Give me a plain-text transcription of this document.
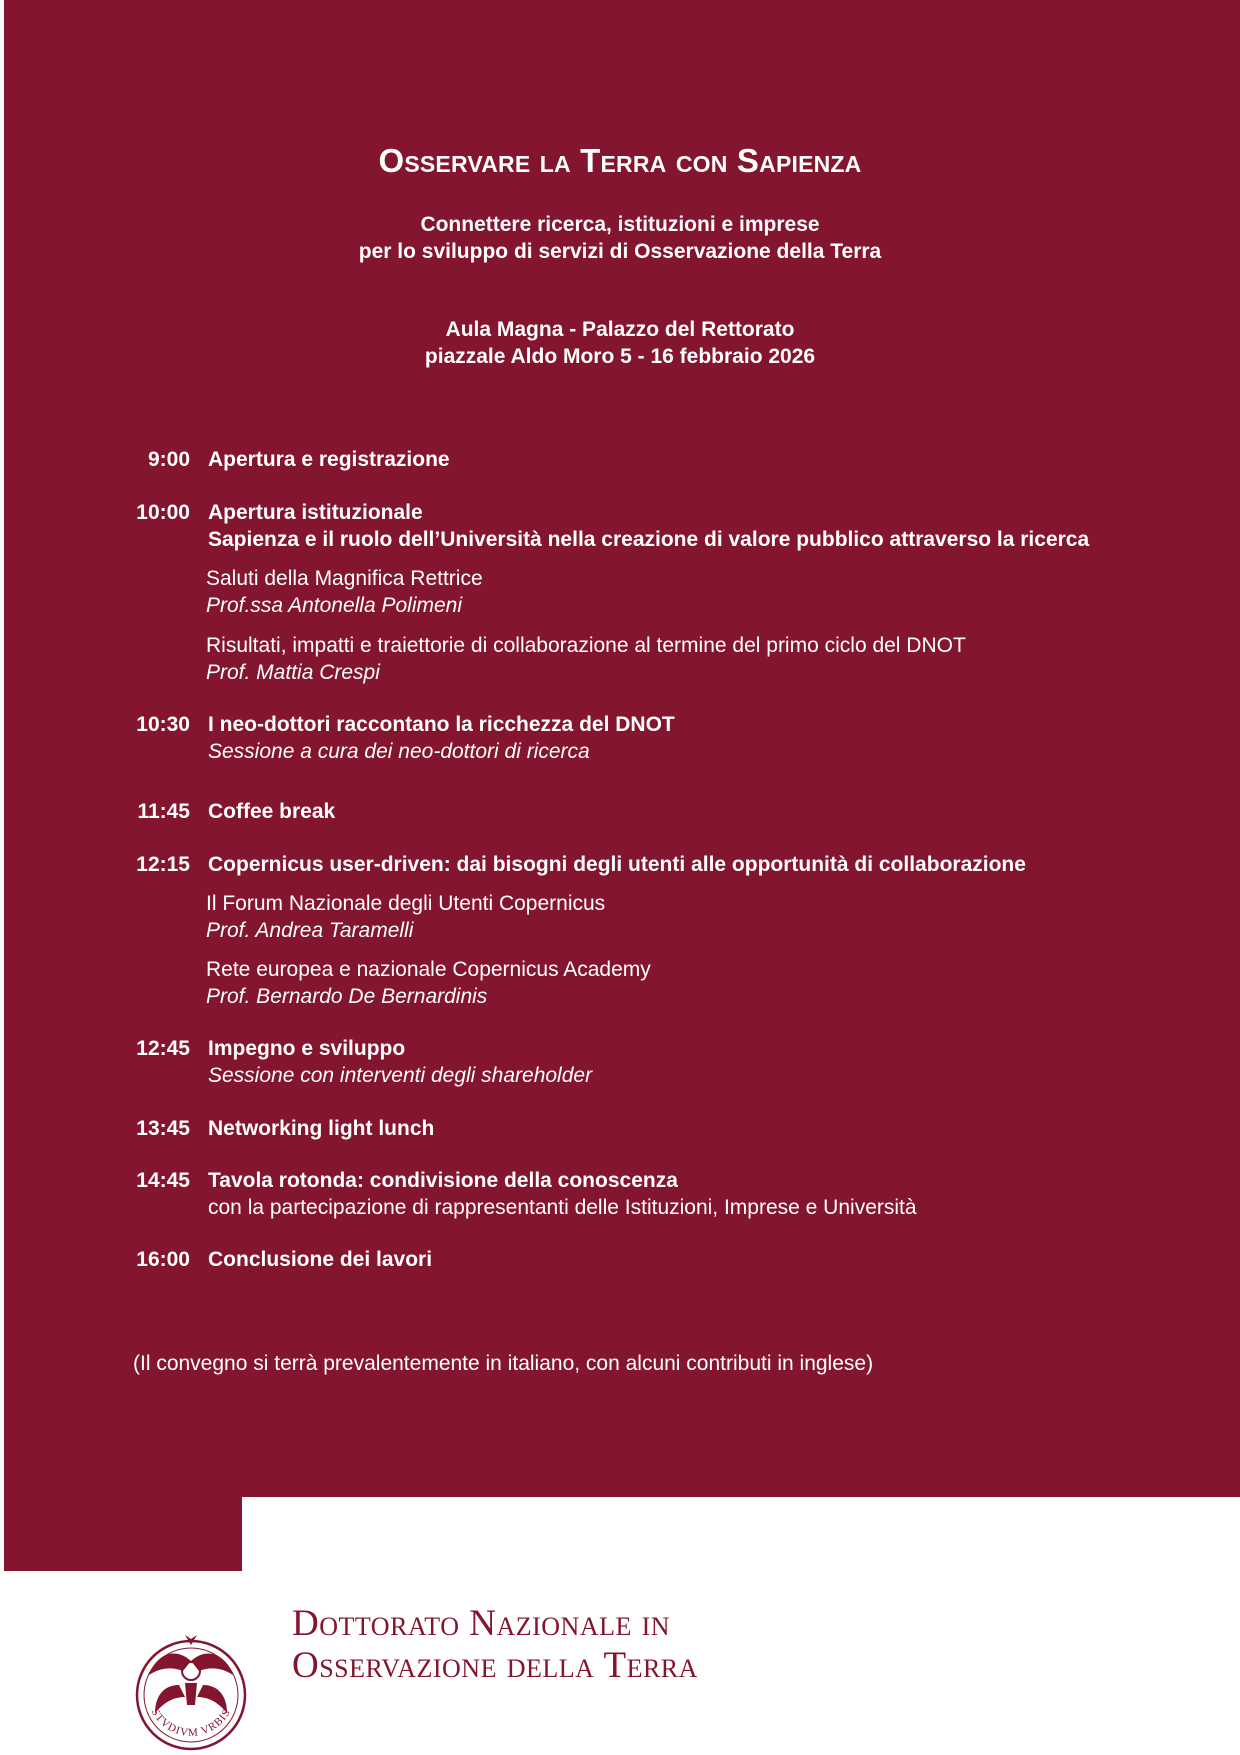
Osservare la Terra con Sapienza
Connettere ricerca, istituzioni e imprese
per lo sviluppo di servizi di Osservazione della Terra
Aula Magna - Palazzo del Rettorato
piazzale Aldo Moro 5 - 16 febbraio 2026
9:00 Apertura e registrazione
10:00 Apertura istituzionale
Sapienza e il ruolo dell’Università nella creazione di valore pubblico attraverso la ricerca
Saluti della Magnifica Rettrice
Prof.ssa Antonella Polimeni
Risultati, impatti e traiettorie di collaborazione al termine del primo ciclo del DNOT
Prof. Mattia Crespi
10:30 I neo-dottori raccontano la ricchezza del DNOT
Sessione a cura dei neo-dottori di ricerca
11:45 Coffee break
12:15 Copernicus user-driven: dai bisogni degli utenti alle opportunità di collaborazione
Il Forum Nazionale degli Utenti Copernicus
Prof. Andrea Taramelli
Rete europea e nazionale Copernicus Academy
Prof. Bernardo De Bernardinis
12:45 Impegno e sviluppo
Sessione con interventi degli shareholder
13:45 Networking light lunch
14:45 Tavola rotonda: condivisione della conoscenza
con la partecipazione di rappresentanti delle Istituzioni, Imprese e Università
16:00 Conclusione dei lavori
(Il convegno si terrà prevalentemente in italiano, con alcuni contributi in inglese)
STVDIVM VRBIS
Dottorato Nazionale in
Osservazione della Terra
